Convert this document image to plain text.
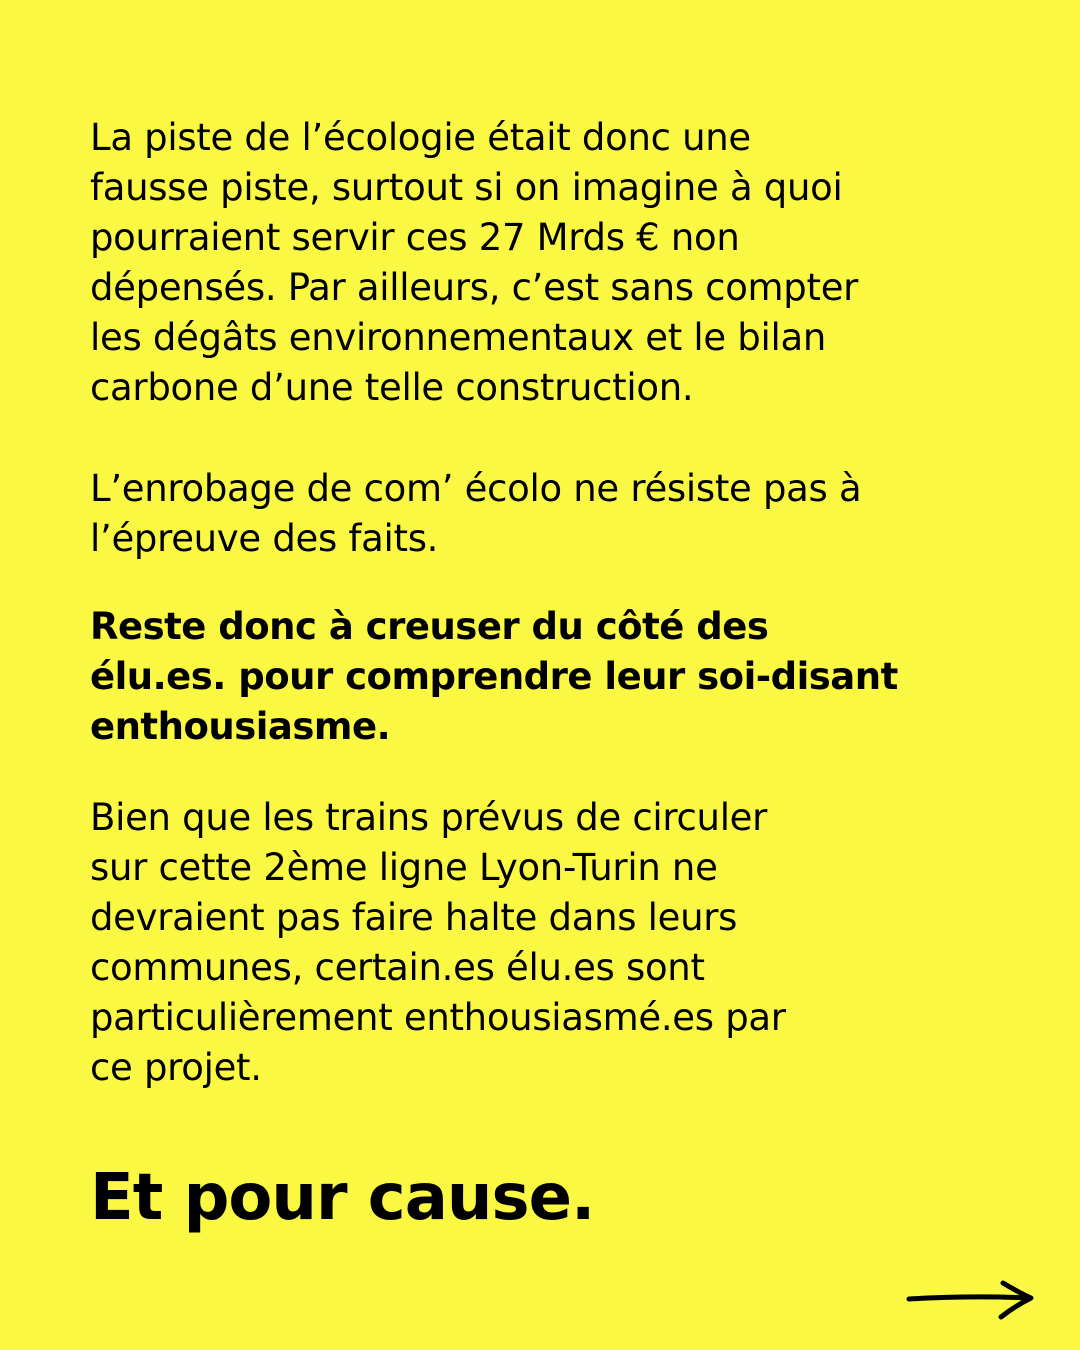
La piste de l’écologie était donc une
fausse piste, surtout si on imagine à quoi
pourraient servir ces 27 Mrds € non
dépensés. Par ailleurs, c’est sans compter
les dégâts environnementaux et le bilan
carbone d’une telle construction.

L’enrobage de com’ écolo ne résiste pas à
l’épreuve des faits.

Reste donc à creuser du côté des
élu.es. pour comprendre leur soi-disant
enthousiasme.

Bien que les trains prévus de circuler
sur cette 2ème ligne Lyon-Turin ne
devraient pas faire halte dans leurs
communes, certain.es élu.es sont
particulièrement enthousiasmé.es par
ce projet.

Et pour cause.
